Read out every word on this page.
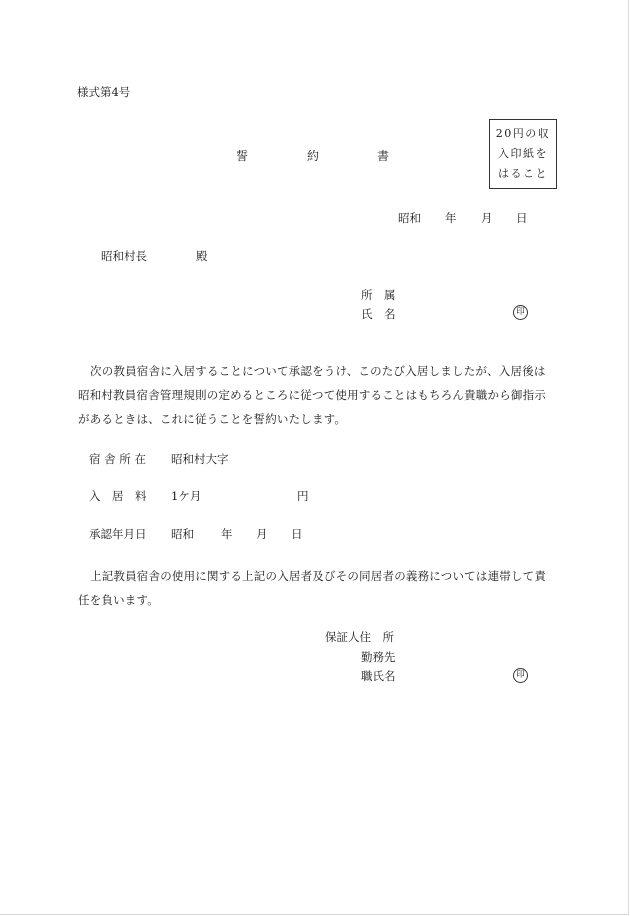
様式第4号
20円の収
入印紙を
はること
誓	約	書
昭和 年 月 日
昭和村長	殿
所　属
氏　名	印
次の教員宿舎に入居することについて承認をうけ、このたび入居しましたが、入居後は昭和村教員宿舎管理規則の定めるところに従つて使用することはもちろん貴職から御指示があるときは、これに従うことを誓約いたします。
宿 舎 所 在 昭和村大字
入　居　料 1ケ月	円
承認年月日 昭和 年 月 日
上記教員宿舎の使用に関する上記の入居者及びその同居者の義務については連帯して責任を負います。
保証人住　所
勤務先
職氏名	印
